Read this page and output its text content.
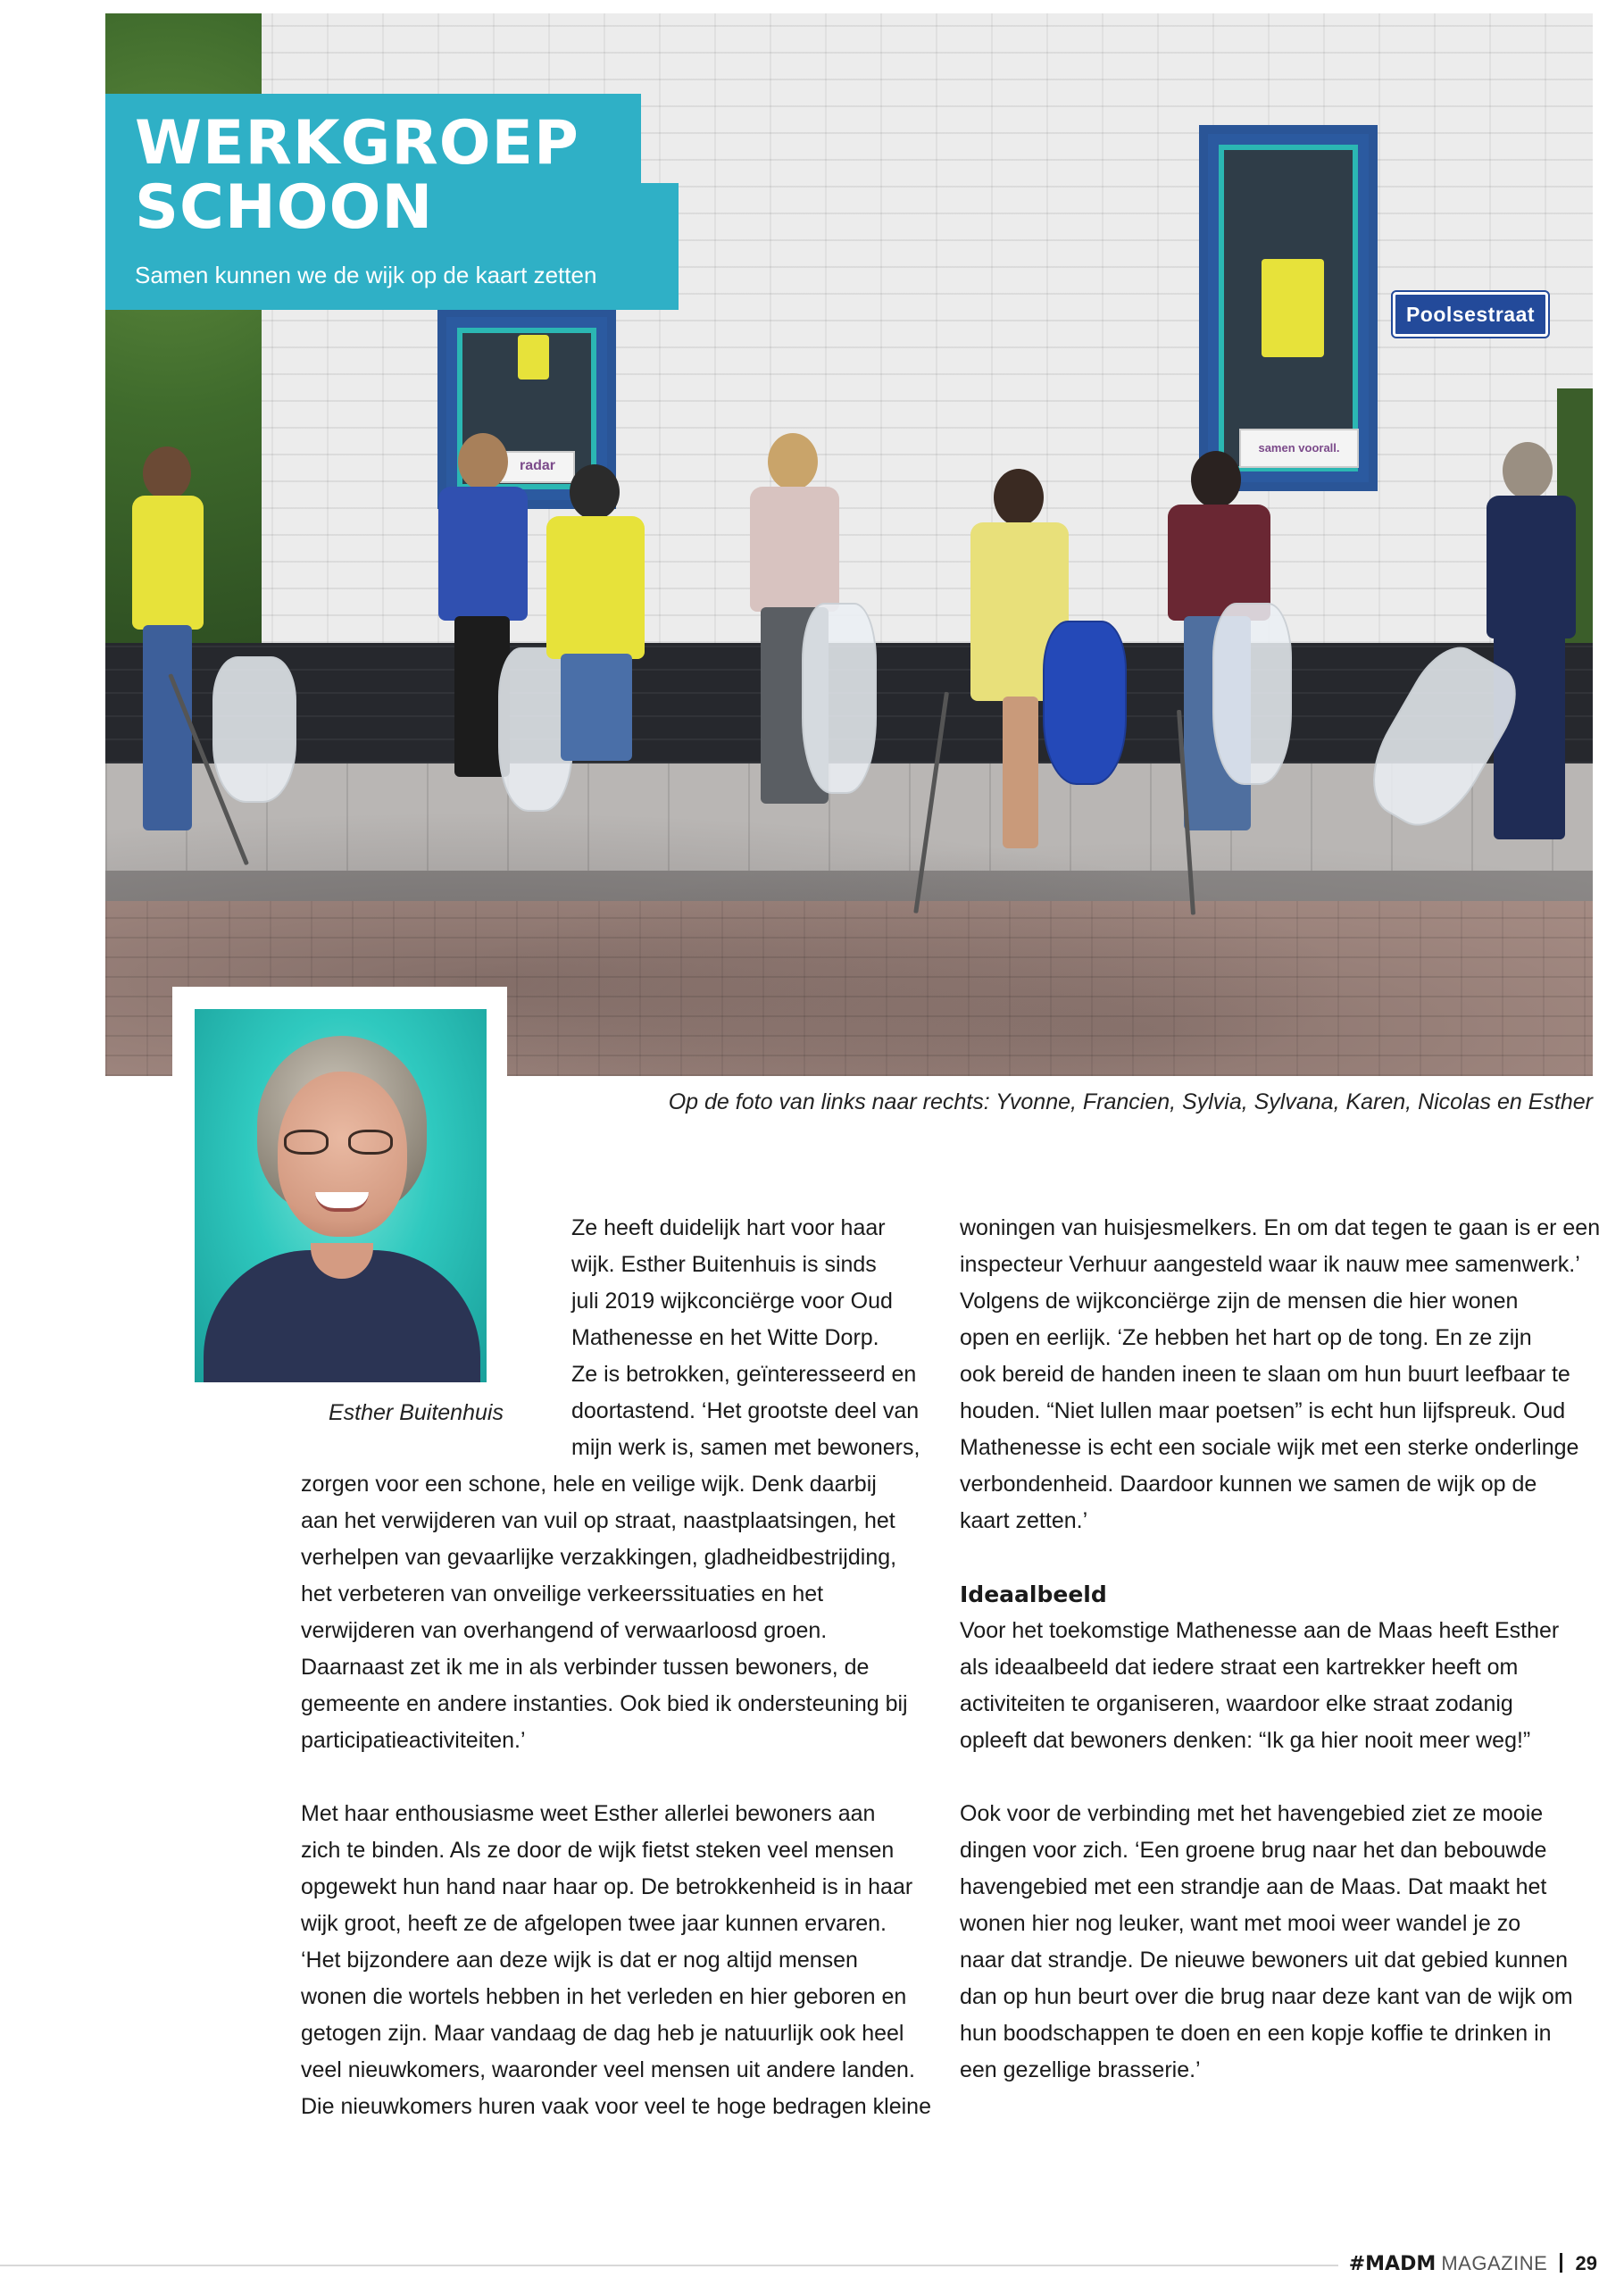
radar
samen voorall.
Poolsestraat
WERKGROEP
SCHOON
Samen kunnen we de wijk op de kaart zetten
Esther Buitenhuis
Op de foto van links naar rechts: Yvonne, Francien, Sylvia, Sylvana, Karen, Nicolas en Esther
Ze heeft duidelijk hart voor haar
wijk. Esther Buitenhuis is sinds
juli 2019 wijkconciërge voor Oud
Mathenesse en het Witte Dorp.
Ze is betrokken, geïnteresseerd en
doortastend. ‘Het grootste deel van
mijn werk is, samen met bewoners,
zorgen voor een schone, hele en veilige wijk. Denk daarbij
aan het verwijderen van vuil op straat, naastplaatsingen, het
verhelpen van gevaarlijke verzakkingen, gladheidbestrijding,
het verbeteren van onveilige verkeerssituaties en het
verwijderen van overhangend of verwaarloosd groen.
Daarnaast zet ik me in als verbinder tussen bewoners, de
gemeente en andere instanties. Ook bied ik ondersteuning bij
participatieactiviteiten.’
Met haar enthousiasme weet Esther allerlei bewoners aan
zich te binden. Als ze door de wijk fietst steken veel mensen
opgewekt hun hand naar haar op. De betrokkenheid is in haar
wijk groot, heeft ze de afgelopen twee jaar kunnen ervaren.
‘Het bijzondere aan deze wijk is dat er nog altijd mensen
wonen die wortels hebben in het verleden en hier geboren en
getogen zijn. Maar vandaag de dag heb je natuurlijk ook heel
veel nieuwkomers, waaronder veel mensen uit andere landen.
Die nieuwkomers huren vaak voor veel te hoge bedragen kleine
woningen van huisjesmelkers. En om dat tegen te gaan is er een
inspecteur Verhuur aangesteld waar ik nauw mee samenwerk.’
Volgens de wijkconciërge zijn de mensen die hier wonen
open en eerlijk. ‘Ze hebben het hart op de tong. En ze zijn
ook bereid de handen ineen te slaan om hun buurt leefbaar te
houden. “Niet lullen maar poetsen” is echt hun lijfspreuk. Oud
Mathenesse is echt een sociale wijk met een sterke onderlinge
verbondenheid. Daardoor kunnen we samen de wijk op de
kaart zetten.’
Ideaalbeeld
Voor het toekomstige Mathenesse aan de Maas heeft Esther
als ideaalbeeld dat iedere straat een kartrekker heeft om
activiteiten te organiseren, waardoor elke straat zodanig
opleeft dat bewoners denken: “Ik ga hier nooit meer weg!”
Ook voor de verbinding met het havengebied ziet ze mooie
dingen voor zich. ‘Een groene brug naar het dan bebouwde
havengebied met een strandje aan de Maas. Dat maakt het
wonen hier nog leuker, want met mooi weer wandel je zo
naar dat strandje. De nieuwe bewoners uit dat gebied kunnen
dan op hun beurt over die brug naar deze kant van de wijk om
hun boodschappen te doen en een kopje koffie te drinken in
een gezellige brasserie.’
#MADM MAGAZINE 29
